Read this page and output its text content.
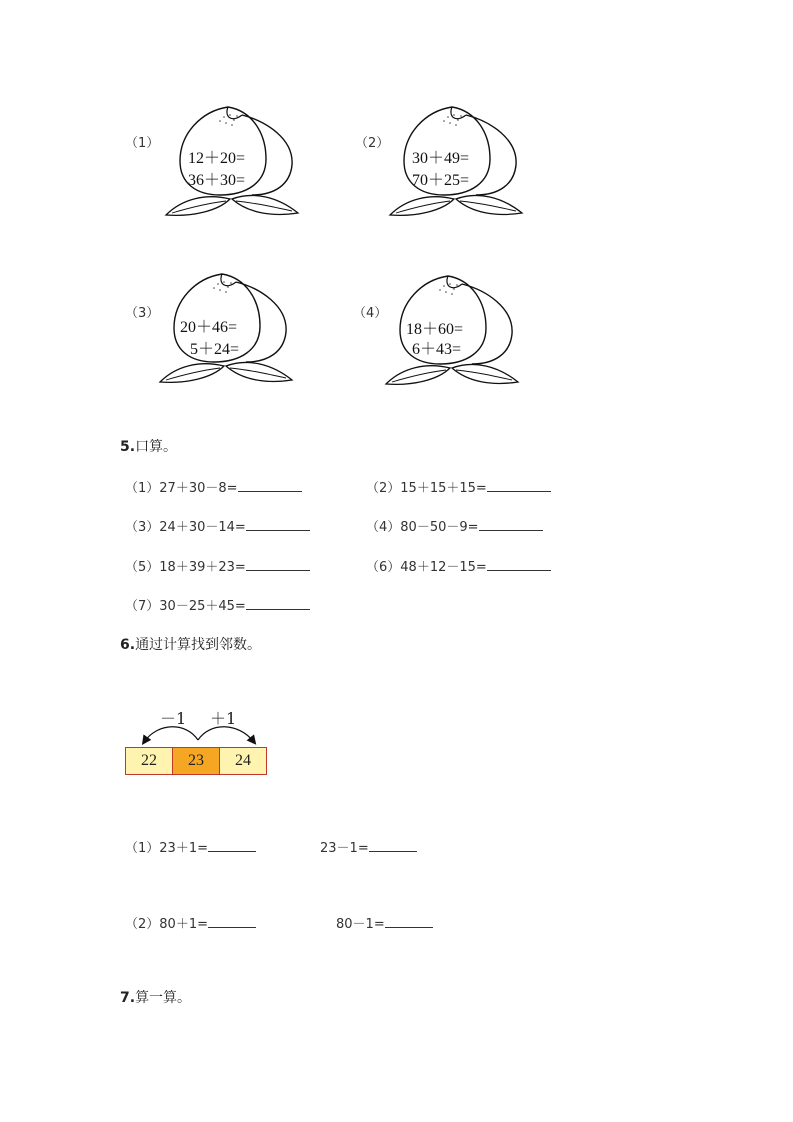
（1）
12＋20=
36＋30=
（2）
30＋49=
70＋25=
（3）
20＋46=
5＋24=
（4）
18＋60=
6＋43=
5.口算。
（1）27＋30－8=	（2）15＋15＋15=
（3）24＋30－14=	（4）80－50－9=
（5）18＋39＋23=	（6）48＋12－15=
（7）30－25＋45=
6.通过计算找到邻数。
－1 ＋1
22	23	24
（1）23＋1=	23－1=
（2）80＋1=	80－1=
7.算一算。
